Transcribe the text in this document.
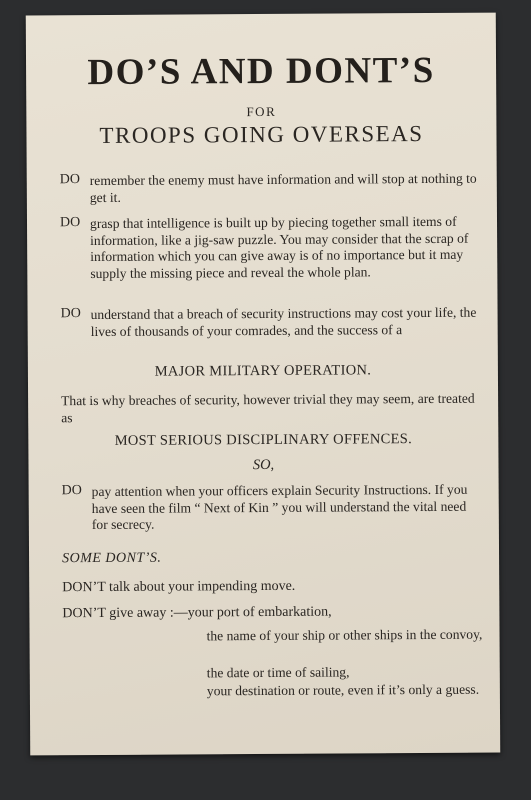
DO’S AND DONT’S
FOR
TROOPS GOING OVERSEAS
DO remember the enemy must have information and will stop at nothing to get it.
DO grasp that intelligence is built up by piecing together small items of information, like a jig-saw puzzle. You may consider that the scrap of information which you can give away is of no importance but it may supply the missing piece and reveal the whole plan.
DO understand that a breach of security instructions may cost your life, the lives of thousands of your comrades, and the success of a
MAJOR MILITARY OPERATION.
That is why breaches of security, however trivial they may seem, are treated as
MOST SERIOUS DISCIPLINARY OFFENCES.
SO,
DO pay attention when your officers explain Security Instructions. If you have seen the film “ Next of Kin ” you will understand the vital need for secrecy.
SOME DONT’S.
DON’T talk about your impending move.
DON’T give away :—your port of embarkation,
the name of your ship or other ships in the convoy,
the date or time of sailing,
your destination or route, even if it’s only a guess.
